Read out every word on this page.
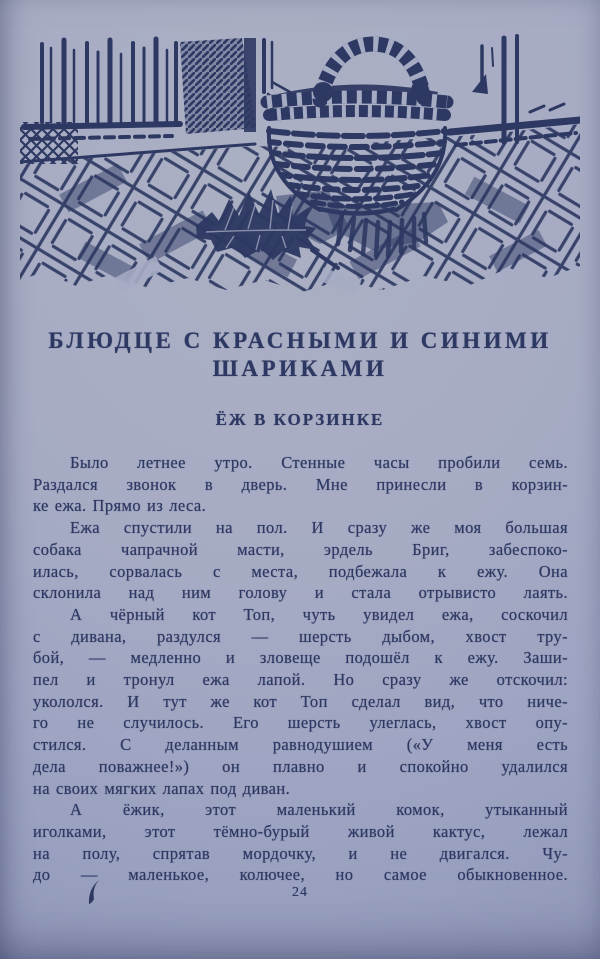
БЛЮДЦЕ С КРАСНЫМИ И СИНИМИ
ШАРИКАМИ
ЁЖ В КОРЗИНКЕ
Было летнее утро. Стенные часы пробили семь.
Раздался звонок в дверь. Мне принесли в корзин-
ке ежа. Прямо из леса.
Ежа спустили на пол. И сразу же моя большая
собака чапрачной масти, эрдель Бриг, забеспоко-
илась, сорвалась с места, подбежала к ежу. Она
склонила над ним голову и стала отрывисто лаять.
А чёрный кот Топ, чуть увидел ежа, соскочил
с дивана, раздулся — шерсть дыбом, хвост тру-
бой, — медленно и зловеще подошёл к ежу. Заши-
пел и тронул ежа лапой. Но сразу же отскочил:
укололся. И тут же кот Топ сделал вид, что ниче-
го не случилось. Его шерсть улеглась, хвост опу-
стился. С деланным равнодушием («У меня есть
дела поважнее!») он плавно и спокойно удалился
на своих мягких лапах под диван.
А ёжик, этот маленький комок, утыканный
иголками, этот тёмно-бурый живой кактус, лежал
на полу, спрятав мордочку, и не двигался. Чу-
до — маленькое, колючее, но самое обыкновенное.
24
